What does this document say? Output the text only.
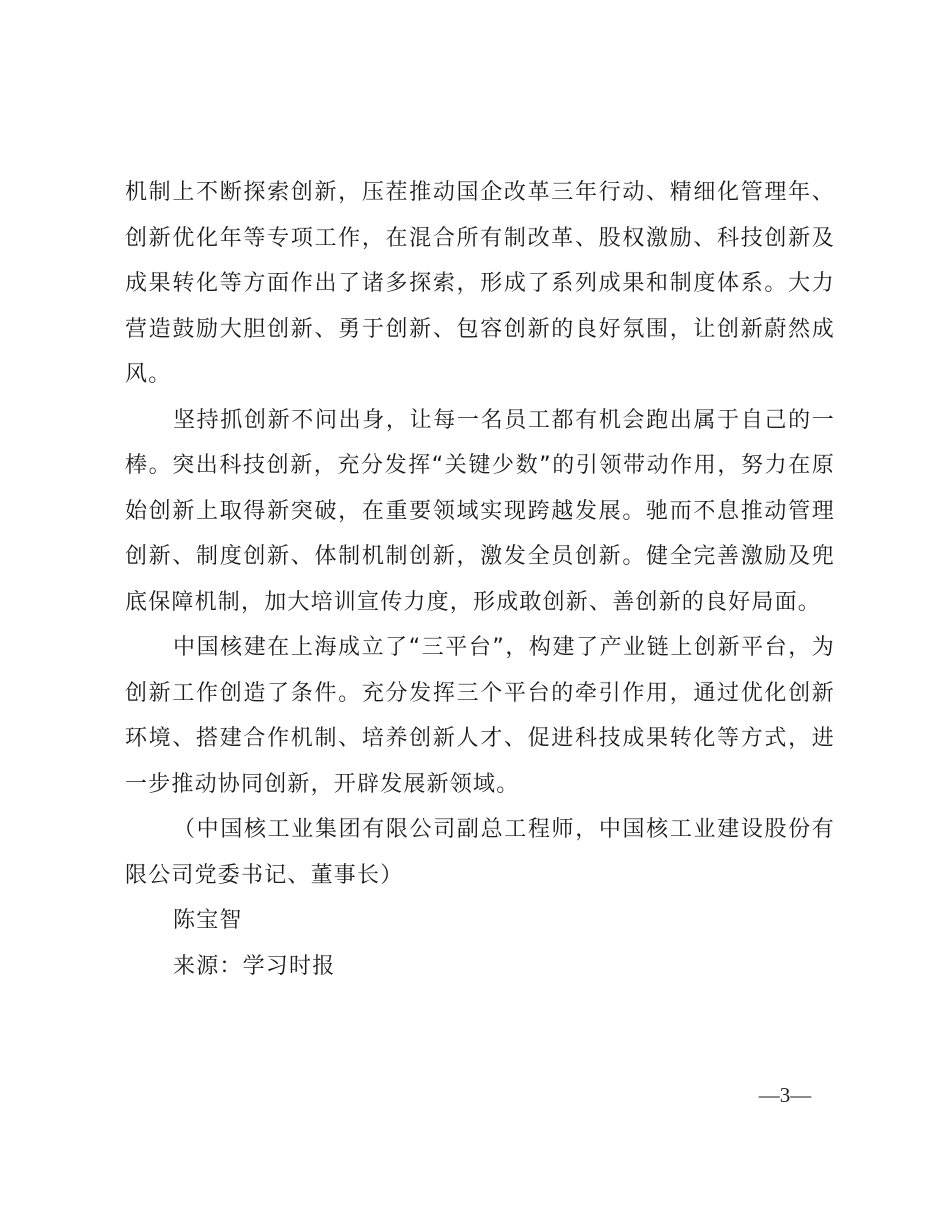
机制上不断探索创新，压茬推动国企改革三年行动、精细化管理年、创新优化年等专项工作，在混合所有制改革、股权激励、科技创新及成果转化等方面作出了诸多探索，形成了系列成果和制度体系。大力营造鼓励大胆创新、勇于创新、包容创新的良好氛围，让创新蔚然成风。

坚持抓创新不问出身，让每一名员工都有机会跑出属于自己的一棒。突出科技创新，充分发挥“关键少数”的引领带动作用，努力在原始创新上取得新突破，在重要领域实现跨越发展。驰而不息推动管理创新、制度创新、体制机制创新，激发全员创新。健全完善激励及兜底保障机制，加大培训宣传力度，形成敢创新、善创新的良好局面。

中国核建在上海成立了“三平台”，构建了产业链上创新平台，为创新工作创造了条件。充分发挥三个平台的牵引作用，通过优化创新环境、搭建合作机制、培养创新人才、促进科技成果转化等方式，进一步推动协同创新，开辟发展新领域。

（中国核工业集团有限公司副总工程师，中国核工业建设股份有限公司党委书记、董事长）

陈宝智

来源：学习时报

—3—
